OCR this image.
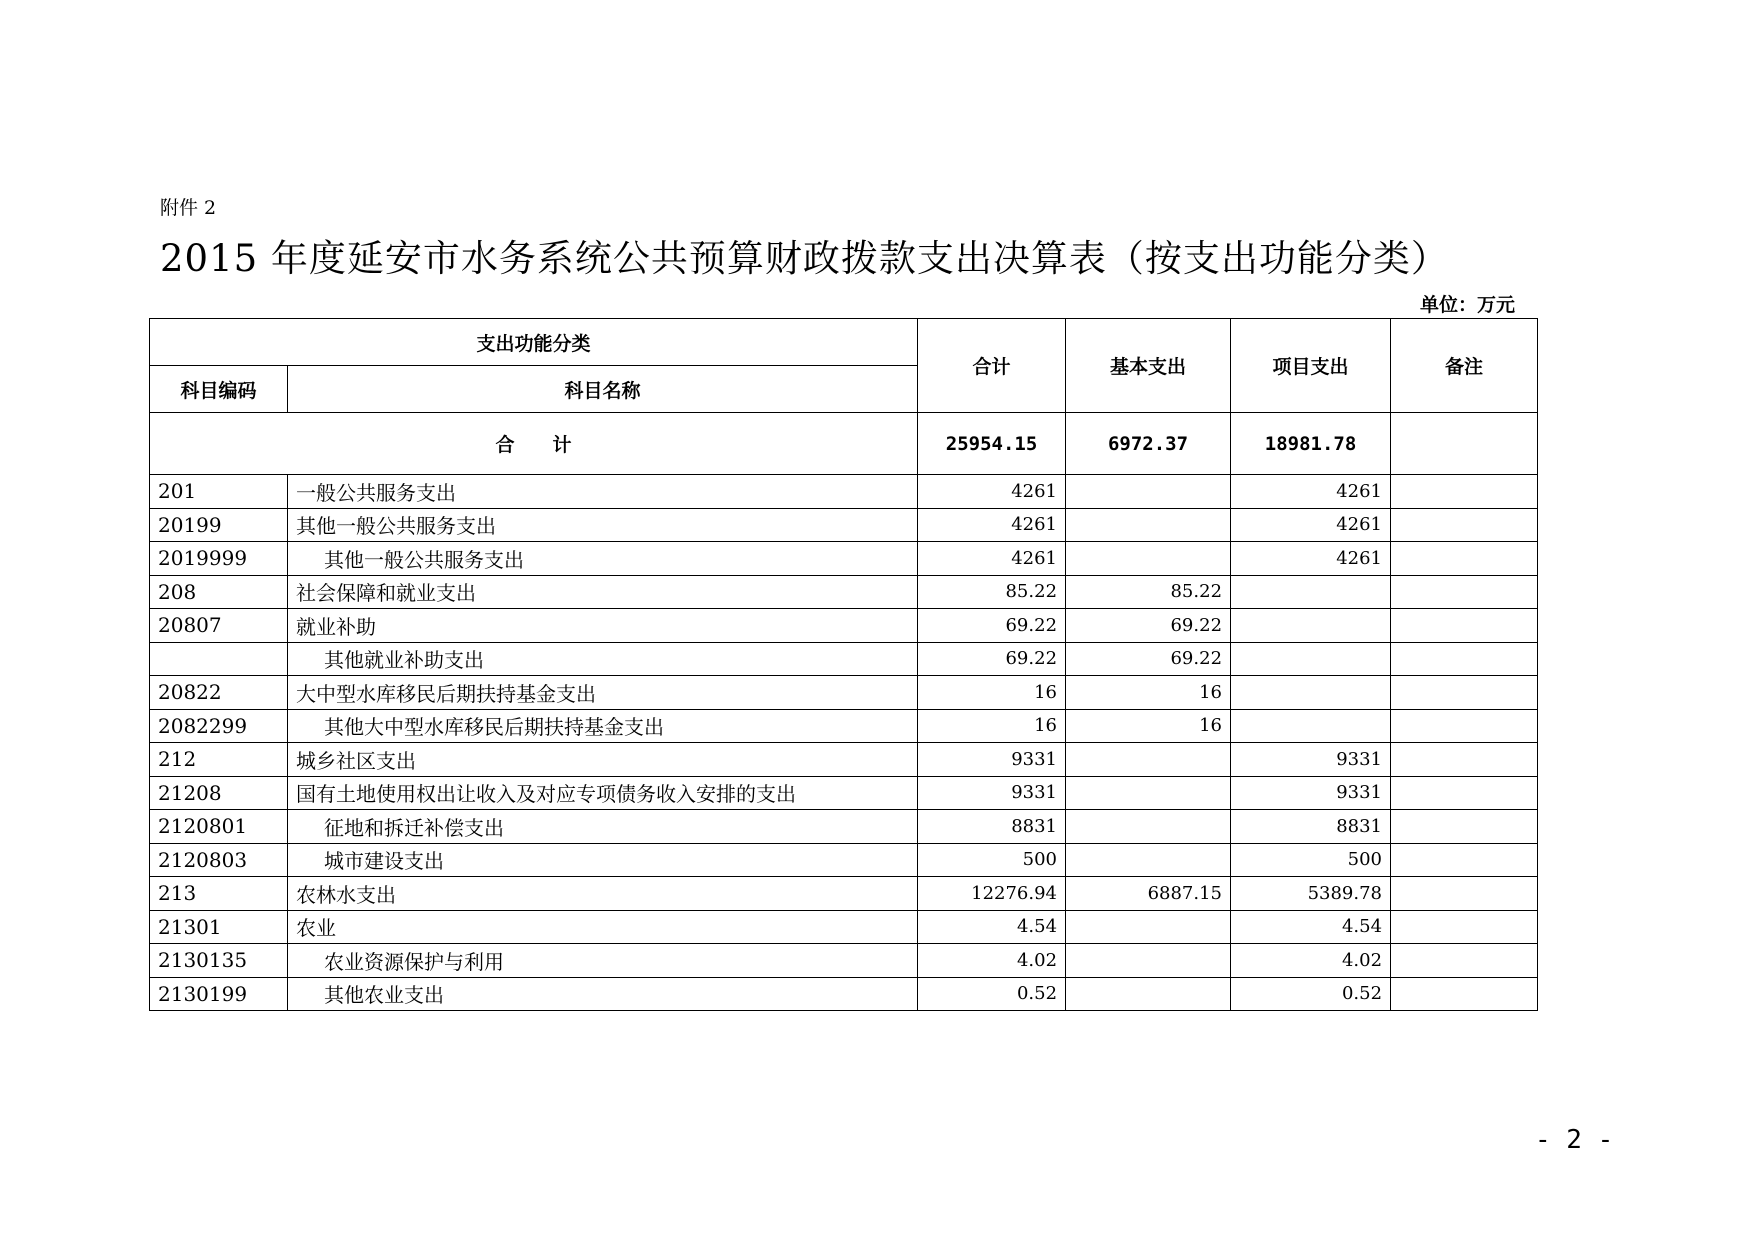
附件 2
2015 年度延安市水务系统公共预算财政拨款支出决算表（按支出功能分类）
单位：万元
支出功能分类		合计	基本支出	项目支出	备注
科目编码	科目名称				
合　　计		25954.15	6972.37	18981.78	
201	一般公共服务支出	4261		4261	
20199	其他一般公共服务支出	4261		4261	
2019999	其他一般公共服务支出	4261		4261	
208	社会保障和就业支出	85.22	85.22		
20807	就业补助	69.22	69.22		
	其他就业补助支出	69.22	69.22		
20822	大中型水库移民后期扶持基金支出	16	16		
2082299	其他大中型水库移民后期扶持基金支出	16	16		
212	城乡社区支出	9331		9331	
21208	国有土地使用权出让收入及对应专项债务收入安排的支出	9331		9331	
2120801	征地和拆迁补偿支出	8831		8831	
2120803	城市建设支出	500		500	
213	农林水支出	12276.94	6887.15	5389.78	
21301	农业	4.54		4.54	
2130135	农业资源保护与利用	4.02		4.02	
2130199	其他农业支出	0.52		0.52	
- 2 -
